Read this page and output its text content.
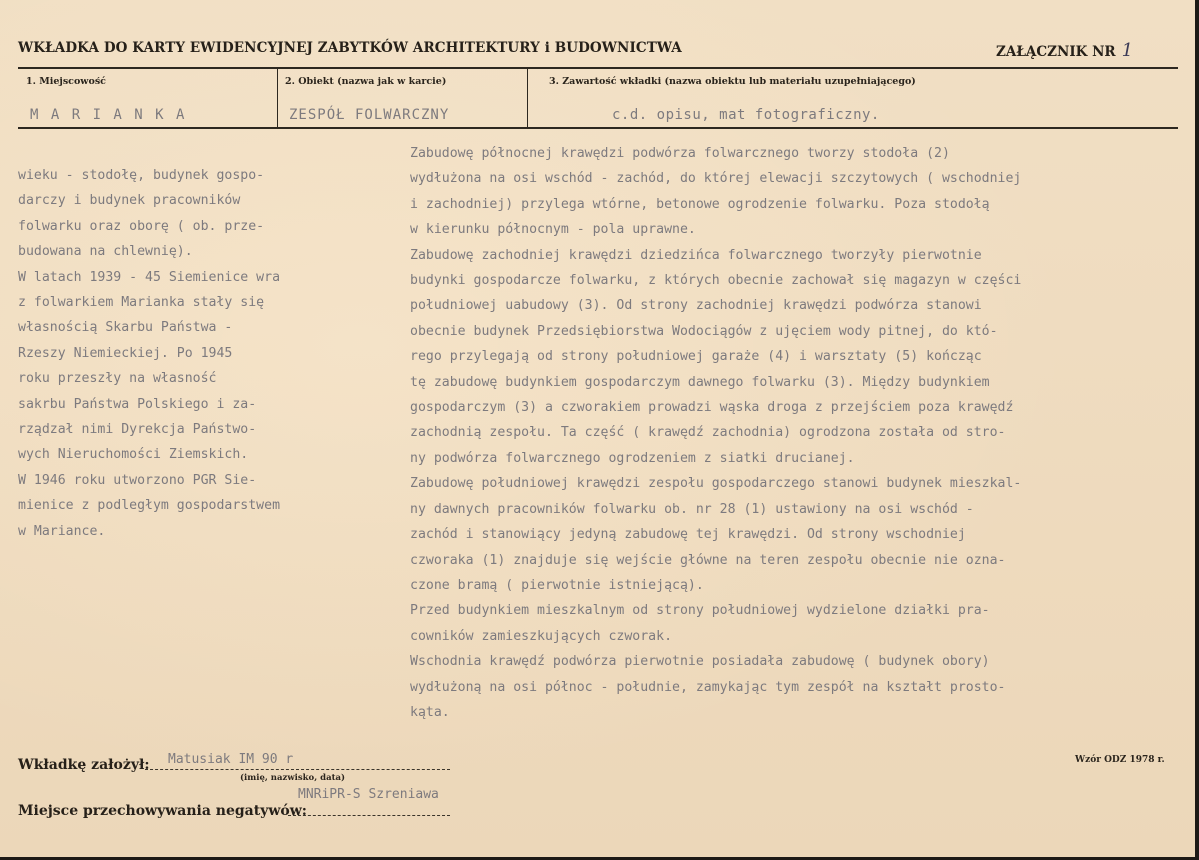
WKŁADKA DO KARTY EWIDENCYJNEJ ZABYTKÓW ARCHITEKTURY i BUDOWNICTWA	ZAŁĄCZNIK NR 1
1. Miejscowość	2. Obiekt (nazwa jak w karcie)	3. Zawartość wkładki (nazwa obiektu lub materiału uzupełniającego)
M A R I A N K A	ZESPÓŁ FOLWARCZNY	c.d. opisu, mat fotograficzny.

wieku - stodołę, budynek gospo-
darczy i budynek pracowników
folwarku oraz oborę ( ob. prze-
budowana na chlewnię).

W latach 1939 - 45 Siemienice wra
z folwarkiem Marianka stały się
własnością Skarbu Państwa -
Rzeszy Niemieckiej. Po 1945
roku przeszły na własność
sakrbu Państwa Polskiego i za-
rządzał nimi Dyrekcja Państwo-
wych Nieruchomości Ziemskich.
W 1946 roku utworzono PGR Sie-
mienice z podległym gospodarstwem
w Mariance.

Zabudowę północnej krawędzi podwórza folwarcznego tworzy stodoła (2)
wydłużona na osi wschód - zachód, do której elewacji szczytowych ( wschodniej
i zachodniej) przylega wtórne, betonowe ogrodzenie folwarku. Poza stodołą
w kierunku północnym - pola uprawne.

Zabudowę zachodniej krawędzi dziedzińca folwarcznego tworzyły pierwotnie
budynki gospodarcze folwarku, z których obecnie zachował się magazyn w części
południowej uabudowy (3). Od strony zachodniej krawędzi podwórza stanowi
obecnie budynek Przedsiębiorstwa Wodociągów z ujęciem wody pitnej, do któ-
rego przylegają od strony południowej garaże (4) i warsztaty (5) kończąc
tę zabudowę budynkiem gospodarczym dawnego folwarku (3). Między budynkiem
gospodarczym (3) a czworakiem prowadzi wąska droga z przejściem poza krawędź
zachodnią zespołu. Ta część ( krawędź zachodnia) ogrodzona została od stro-
ny podwórza folwarcznego ogrodzeniem z siatki drucianej.

Zabudowę południowej krawędzi zespołu gospodarczego stanowi budynek mieszkal-
ny dawnych pracowników folwarku ob. nr 28 (1) ustawiony na osi wschód -
zachód i stanowiący jedyną zabudowę tej krawędzi. Od strony wschodniej
czworaka (1) znajduje się wejście główne na teren zespołu obecnie nie ozna-
czone bramą ( pierwotnie istniejącą).

Przed budynkiem mieszkalnym od strony południowej wydzielone działki pra-
cowników zamieszkujących czworak.

Wschodnia krawędź podwórza pierwotnie posiadała zabudowę ( budynek obory)
wydłużoną na osi północ - południe, zamykając tym zespół na kształt prosto-
kąta.

Wkładkę założył: Matusiak IM 90 r
(imię, nazwisko, data)
Wzór ODZ 1978 r.
Miejsce przechowywania negatywów:
MNRiPR-S Szreniawa
